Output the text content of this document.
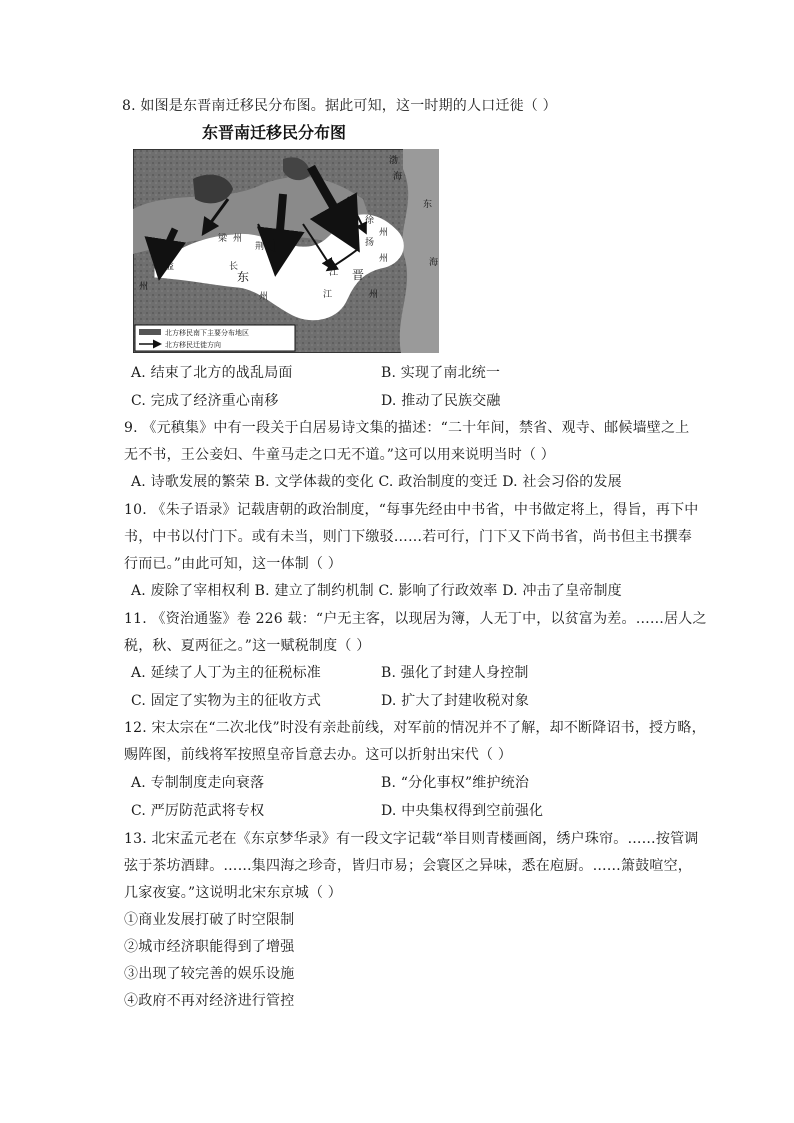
8. 如图是东晋南迁移民分布图。据此可知，这一时期的人口迁徙（ ）
东晋南迁移民分布图
渤
海
东
海
梁 州
益
州
长
荆
州
东	江
江
晋
州
徐
州
扬
州
北方移民南下主要分布地区
北方移民迁徙方向
A. 结束了北方的战乱局面	B. 实现了南北统一
C. 完成了经济重心南移	D. 推动了民族交融
9. 《元稹集》中有一段关于白居易诗文集的描述：“二十年间，禁省、观寺、邮候墙壁之上
无不书，王公妾妇、牛童马走之口无不道。”这可以用来说明当时（ ）
A. 诗歌发展的繁荣 B. 文学体裁的变化 C. 政治制度的变迁 D. 社会习俗的发展
10. 《朱子语录》记载唐朝的政治制度，“每事先经由中书省，中书做定将上，得旨，再下中
书，中书以付门下。或有未当，则门下缴驳……若可行，门下又下尚书省，尚书但主书撰奉
行而已。”由此可知，这一体制（ ）
A. 废除了宰相权利 B. 建立了制约机制 C. 影响了行政效率 D. 冲击了皇帝制度
11. 《资治通鉴》卷 226 载：“户无主客，以现居为簿，人无丁中，以贫富为差。……居人之
税，秋、夏两征之。”这一赋税制度（ ）
A. 延续了人丁为主的征税标准	B. 强化了封建人身控制
C. 固定了实物为主的征收方式	D. 扩大了封建收税对象
12. 宋太宗在“二次北伐”时没有亲赴前线，对军前的情况并不了解，却不断降诏书，授方略，
赐阵图，前线将军按照皇帝旨意去办。这可以折射出宋代（ ）
A. 专制制度走向衰落	B. “分化事权”维护统治
C. 严厉防范武将专权	D. 中央集权得到空前强化
13. 北宋孟元老在《东京梦华录》有一段文字记载“举目则青楼画阁，绣户珠帘。……按管调
弦于茶坊酒肆。……集四海之珍奇，皆归市易；会寰区之异味，悉在庖厨。……箫鼓喧空，
几家夜宴。”这说明北宋东京城（ ）
①商业发展打破了时空限制
②城市经济职能得到了增强
③出现了较完善的娱乐设施
④政府不再对经济进行管控
